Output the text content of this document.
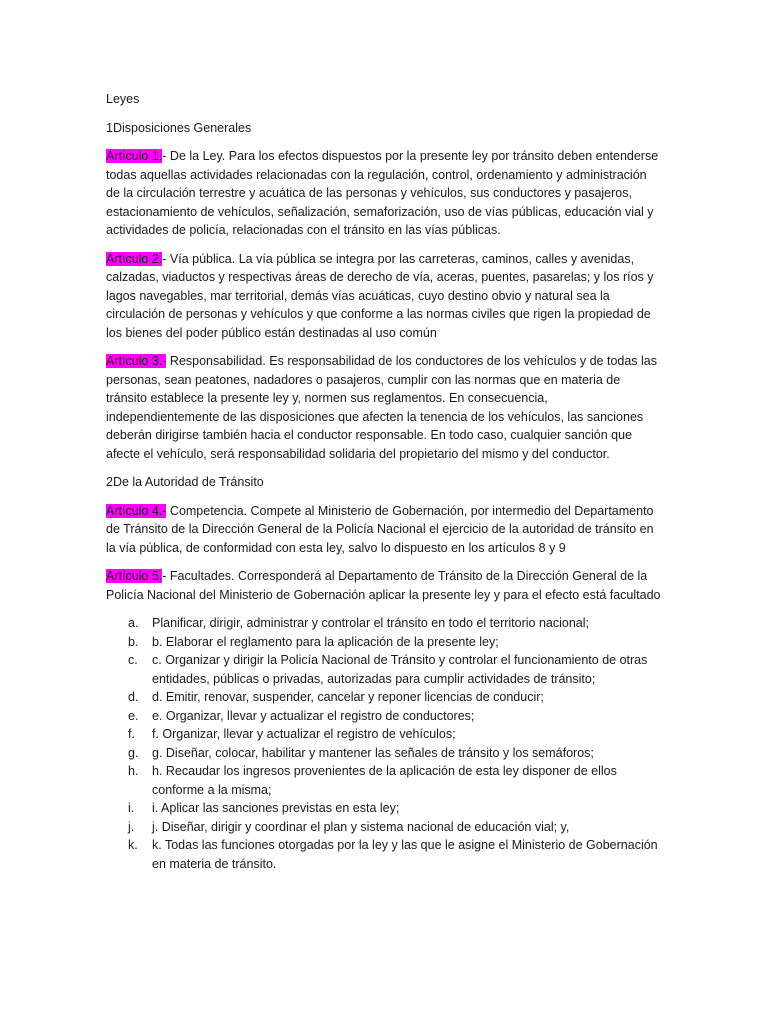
Leyes

1Disposiciones Generales

Artículo 1.- De la Ley. Para los efectos dispuestos por la presente ley por tránsito deben entenderse todas aquellas actividades relacionadas con la regulación, control, ordenamiento y administración de la circulación terrestre y acuática de las personas y vehículos, sus conductores y pasajeros, estacionamiento de vehículos, señalización, semaforización, uso de vías públicas, educación vial y actividades de policía, relacionadas con el tránsito en las vías públicas.

Artículo 2.- Vía pública. La vía pública se integra por las carreteras, caminos, calles y avenidas, calzadas, viaductos y respectivas áreas de derecho de vía, aceras, puentes, pasarelas; y los ríos y lagos navegables, mar territorial, demás vías acuáticas, cuyo destino obvio y natural sea la circulación de personas y vehículos y que conforme a las normas civiles que rigen la propiedad de los bienes del poder público están destinadas al uso común

Artículo 3.- Responsabilidad. Es responsabilidad de los conductores de los vehículos y de todas las personas, sean peatones, nadadores o pasajeros, cumplir con las normas que en materia de tránsito establece la presente ley y, normen sus reglamentos. En consecuencia, independientemente de las disposiciones que afecten la tenencia de los vehículos, las sanciones deberán dirigirse también hacia el conductor responsable. En todo caso, cualquier sanción que afecte el vehículo, será responsabilidad solidaria del propietario del mismo y del conductor.

2De la Autoridad de Tránsito

Artículo 4.- Competencia. Compete al Ministerio de Gobernación, por intermedio del Departamento de Tránsito de la Dirección General de la Policía Nacional el ejercicio de la autoridad de tránsito en la vía pública, de conformidad con esta ley, salvo lo dispuesto en los artículos 8 y 9

Artículo 5.- Facultades. Corresponderá al Departamento de Tránsito de la Dirección General de la Policía Nacional del Ministerio de Gobernación aplicar la presente ley y para el efecto está facultado

a. Planificar, dirigir, administrar y controlar el tránsito en todo el territorio nacional;
b. b. Elaborar el reglamento para la aplicación de la presente ley;
c. c. Organizar y dirigir la Policía Nacional de Tránsito y controlar el funcionamiento de otras entidades, públicas o privadas, autorizadas para cumplir actividades de tránsito;
d. d. Emitir, renovar, suspender, cancelar y reponer licencias de conducir;
e. e. Organizar, llevar y actualizar el registro de conductores;
f. f. Organizar, llevar y actualizar el registro de vehículos;
g. g. Diseñar, colocar, habilitar y mantener las señales de tránsito y los semáforos;
h. h. Recaudar los ingresos provenientes de la aplicación de esta ley disponer de ellos conforme a la misma;
i. i. Aplicar las sanciones previstas en esta ley;
j. j. Diseñar, dirigir y coordinar el plan y sistema nacional de educación vial; y,
k. k. Todas las funciones otorgadas por la ley y las que le asigne el Ministerio de Gobernación en materia de tránsito.
